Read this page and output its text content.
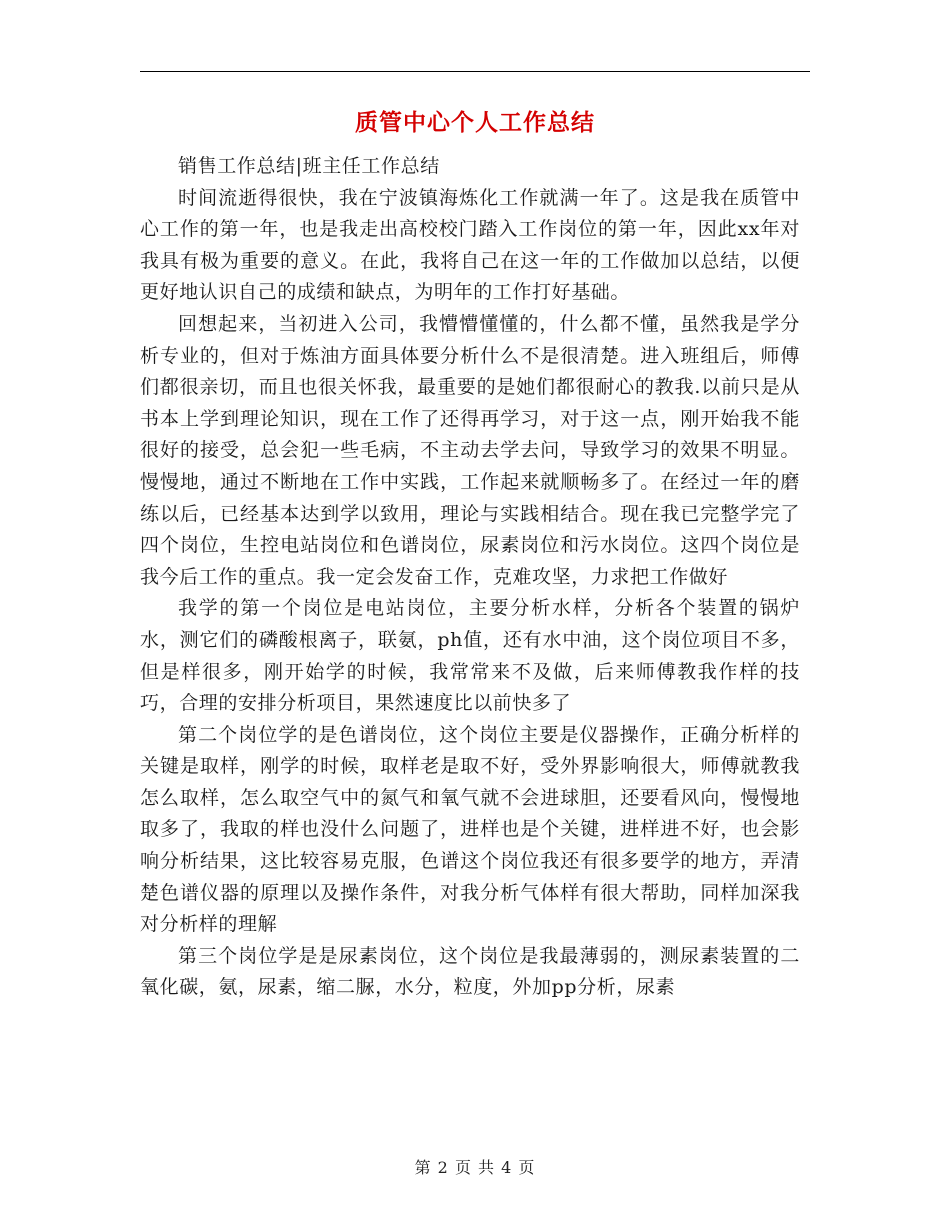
质管中心个人工作总结

销售工作总结|班主任工作总结

时间流逝得很快，我在宁波镇海炼化工作就满一年了。这是我在质管中心工作的第一年，也是我走出高校校门踏入工作岗位的第一年，因此xx年对我具有极为重要的意义。在此，我将自己在这一年的工作做加以总结，以便更好地认识自己的成绩和缺点，为明年的工作打好基础。

回想起来，当初进入公司，我懵懵懂懂的，什么都不懂，虽然我是学分析专业的，但对于炼油方面具体要分析什么不是很清楚。进入班组后，师傅们都很亲切，而且也很关怀我，最重要的是她们都很耐心的教我.以前只是从书本上学到理论知识，现在工作了还得再学习，对于这一点，刚开始我不能很好的接受，总会犯一些毛病，不主动去学去问，导致学习的效果不明显。慢慢地，通过不断地在工作中实践，工作起来就顺畅多了。在经过一年的磨练以后，已经基本达到学以致用，理论与实践相结合。现在我已完整学完了四个岗位，生控电站岗位和色谱岗位，尿素岗位和污水岗位。这四个岗位是我今后工作的重点。我一定会发奋工作，克难攻坚，力求把工作做好

我学的第一个岗位是电站岗位，主要分析水样，分析各个装置的锅炉水，测它们的磷酸根离子，联氨，ph值，还有水中油，这个岗位项目不多，但是样很多，刚开始学的时候，我常常来不及做，后来师傅教我作样的技巧，合理的安排分析项目，果然速度比以前快多了

第二个岗位学的是色谱岗位，这个岗位主要是仪器操作，正确分析样的关键是取样，刚学的时候，取样老是取不好，受外界影响很大，师傅就教我怎么取样，怎么取空气中的氮气和氧气就不会进球胆，还要看风向，慢慢地取多了，我取的样也没什么问题了，进样也是个关键，进样进不好，也会影响分析结果，这比较容易克服，色谱这个岗位我还有很多要学的地方，弄清楚色谱仪器的原理以及操作条件，对我分析气体样有很大帮助，同样加深我对分析样的理解

第三个岗位学是是尿素岗位，这个岗位是我最薄弱的，测尿素装置的二氧化碳，氨，尿素，缩二脲，水分，粒度，外加pp分析，尿素

第 2 页 共 4 页
